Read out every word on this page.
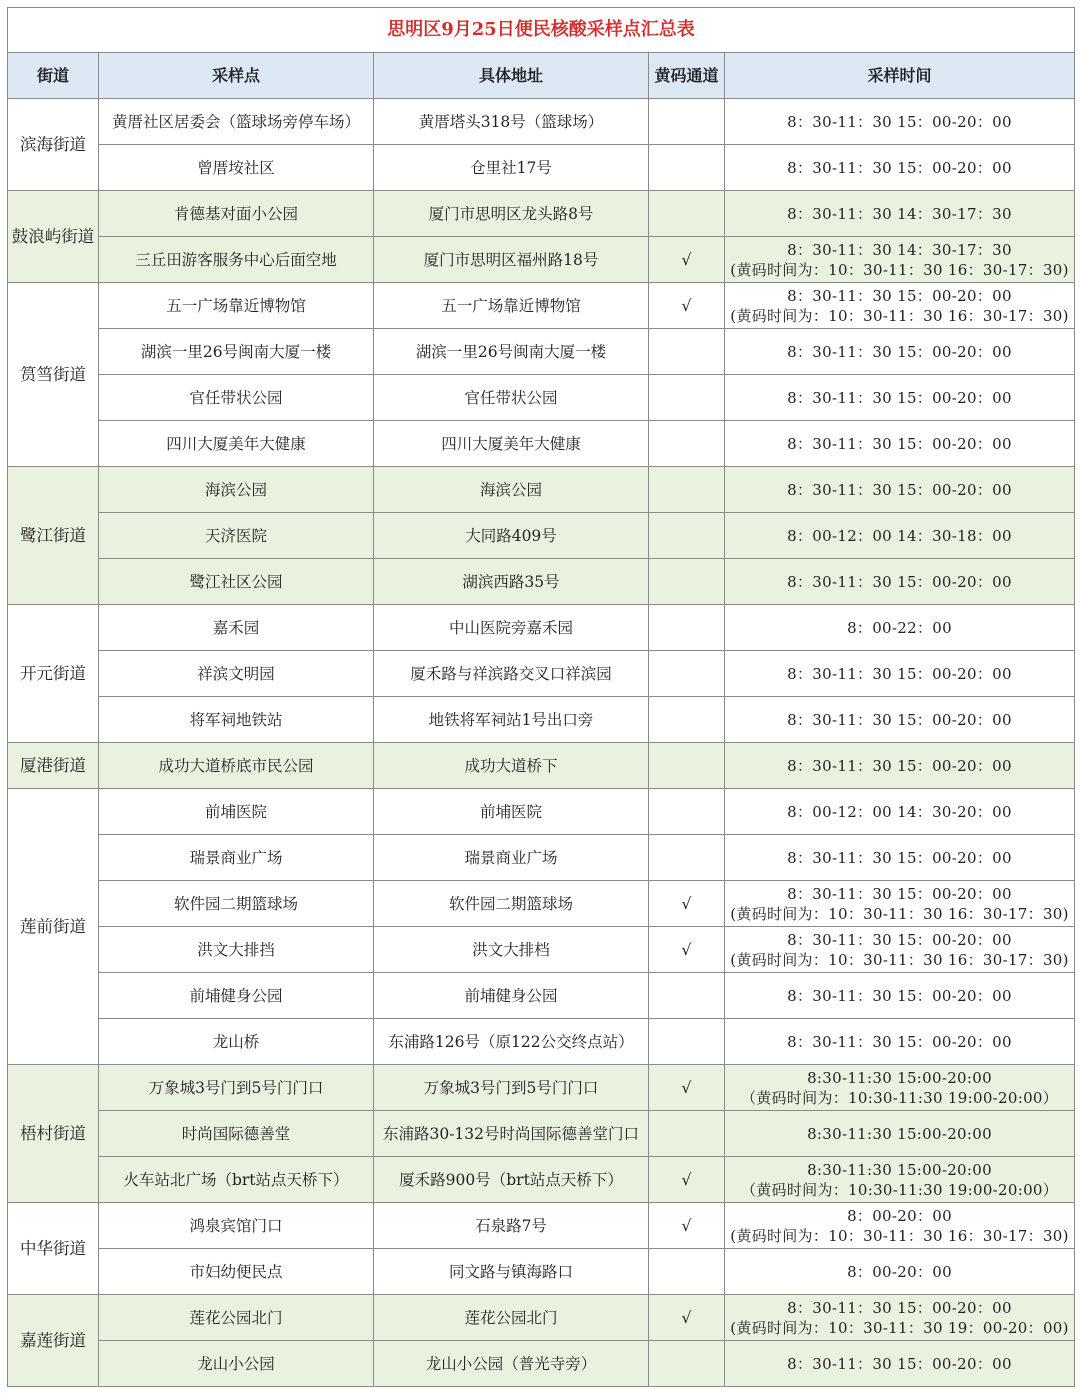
思明区9月25日便民核酸采样点汇总表				
街道	采样点	具体地址	黄码通道	采样时间
滨海街道	黄厝社区居委会（篮球场旁停车场）	黄厝塔头318号（篮球场）		8：30-11：30 15：00-20：00

	曾厝垵社区	仓里社17号		8：30-11：30 15：00-20：00

鼓浪屿街道	肯德基对面小公园	厦门市思明区龙头路8号		8：30-11：30 14：30-17：30

	三丘田游客服务中心后面空地	厦门市思明区福州路18号	√	8：30-11：30 14：30-17：30
(黄码时间为：10：30-11：30 16：30-17：30)

筼筜街道	五一广场靠近博物馆	五一广场靠近博物馆	√	8：30-11：30 15：00-20：00
(黄码时间为：10：30-11：30 16：30-17：30)

	湖滨一里26号闽南大厦一楼	湖滨一里26号闽南大厦一楼		8：30-11：30 15：00-20：00

	官任带状公园	官任带状公园		8：30-11：30 15：00-20：00

	四川大厦美年大健康	四川大厦美年大健康		8：30-11：30 15：00-20：00

鹭江街道	海滨公园	海滨公园		8：30-11：30 15：00-20：00

	天济医院	大同路409号		8：00-12：00 14：30-18：00

	鹭江社区公园	湖滨西路35号		8：30-11：30 15：00-20：00

开元街道	嘉禾园	中山医院旁嘉禾园		8：00-22：00

	祥滨文明园	厦禾路与祥滨路交叉口祥滨园		8：30-11：30 15：00-20：00

	将军祠地铁站	地铁将军祠站1号出口旁		8：30-11：30 15：00-20：00

厦港街道	成功大道桥底市民公园	成功大道桥下		8：30-11：30 15：00-20：00

莲前街道	前埔医院	前埔医院		8：00-12：00 14：30-20：00

	瑞景商业广场	瑞景商业广场		8：30-11：30 15：00-20：00

	软件园二期篮球场	软件园二期篮球场	√	8：30-11：30 15：00-20：00
(黄码时间为：10：30-11：30 16：30-17：30)

	洪文大排挡	洪文大排档	√	8：30-11：30 15：00-20：00
(黄码时间为：10：30-11：30 16：30-17：30)

	前埔健身公园	前埔健身公园		8：30-11：30 15：00-20：00

	龙山桥	东浦路126号（原122公交终点站）		8：30-11：30 15：00-20：00

梧村街道	万象城3号门到5号门门口	万象城3号门到5号门门口	√	8:30-11:30 15:00-20:00
（黄码时间为：10:30-11:30 19:00-20:00）

	时尚国际德善堂	东浦路30-132号时尚国际德善堂门口		8:30-11:30 15:00-20:00

	火车站北广场（brt站点天桥下）	厦禾路900号（brt站点天桥下）	√	8:30-11:30 15:00-20:00
（黄码时间为：10:30-11:30 19:00-20:00）

中华街道	鸿泉宾馆门口	石泉路7号	√	8：00-20：00
(黄码时间为：10：30-11：30 16：30-17：30)

	市妇幼便民点	同文路与镇海路口		8：00-20：00

嘉莲街道	莲花公园北门	莲花公园北门	√	8：30-11：30 15：00-20：00
(黄码时间为：10：30-11：30 19：00-20：00)

	龙山小公园	龙山小公园（普光寺旁）		8：30-11：30 15：00-20：00
